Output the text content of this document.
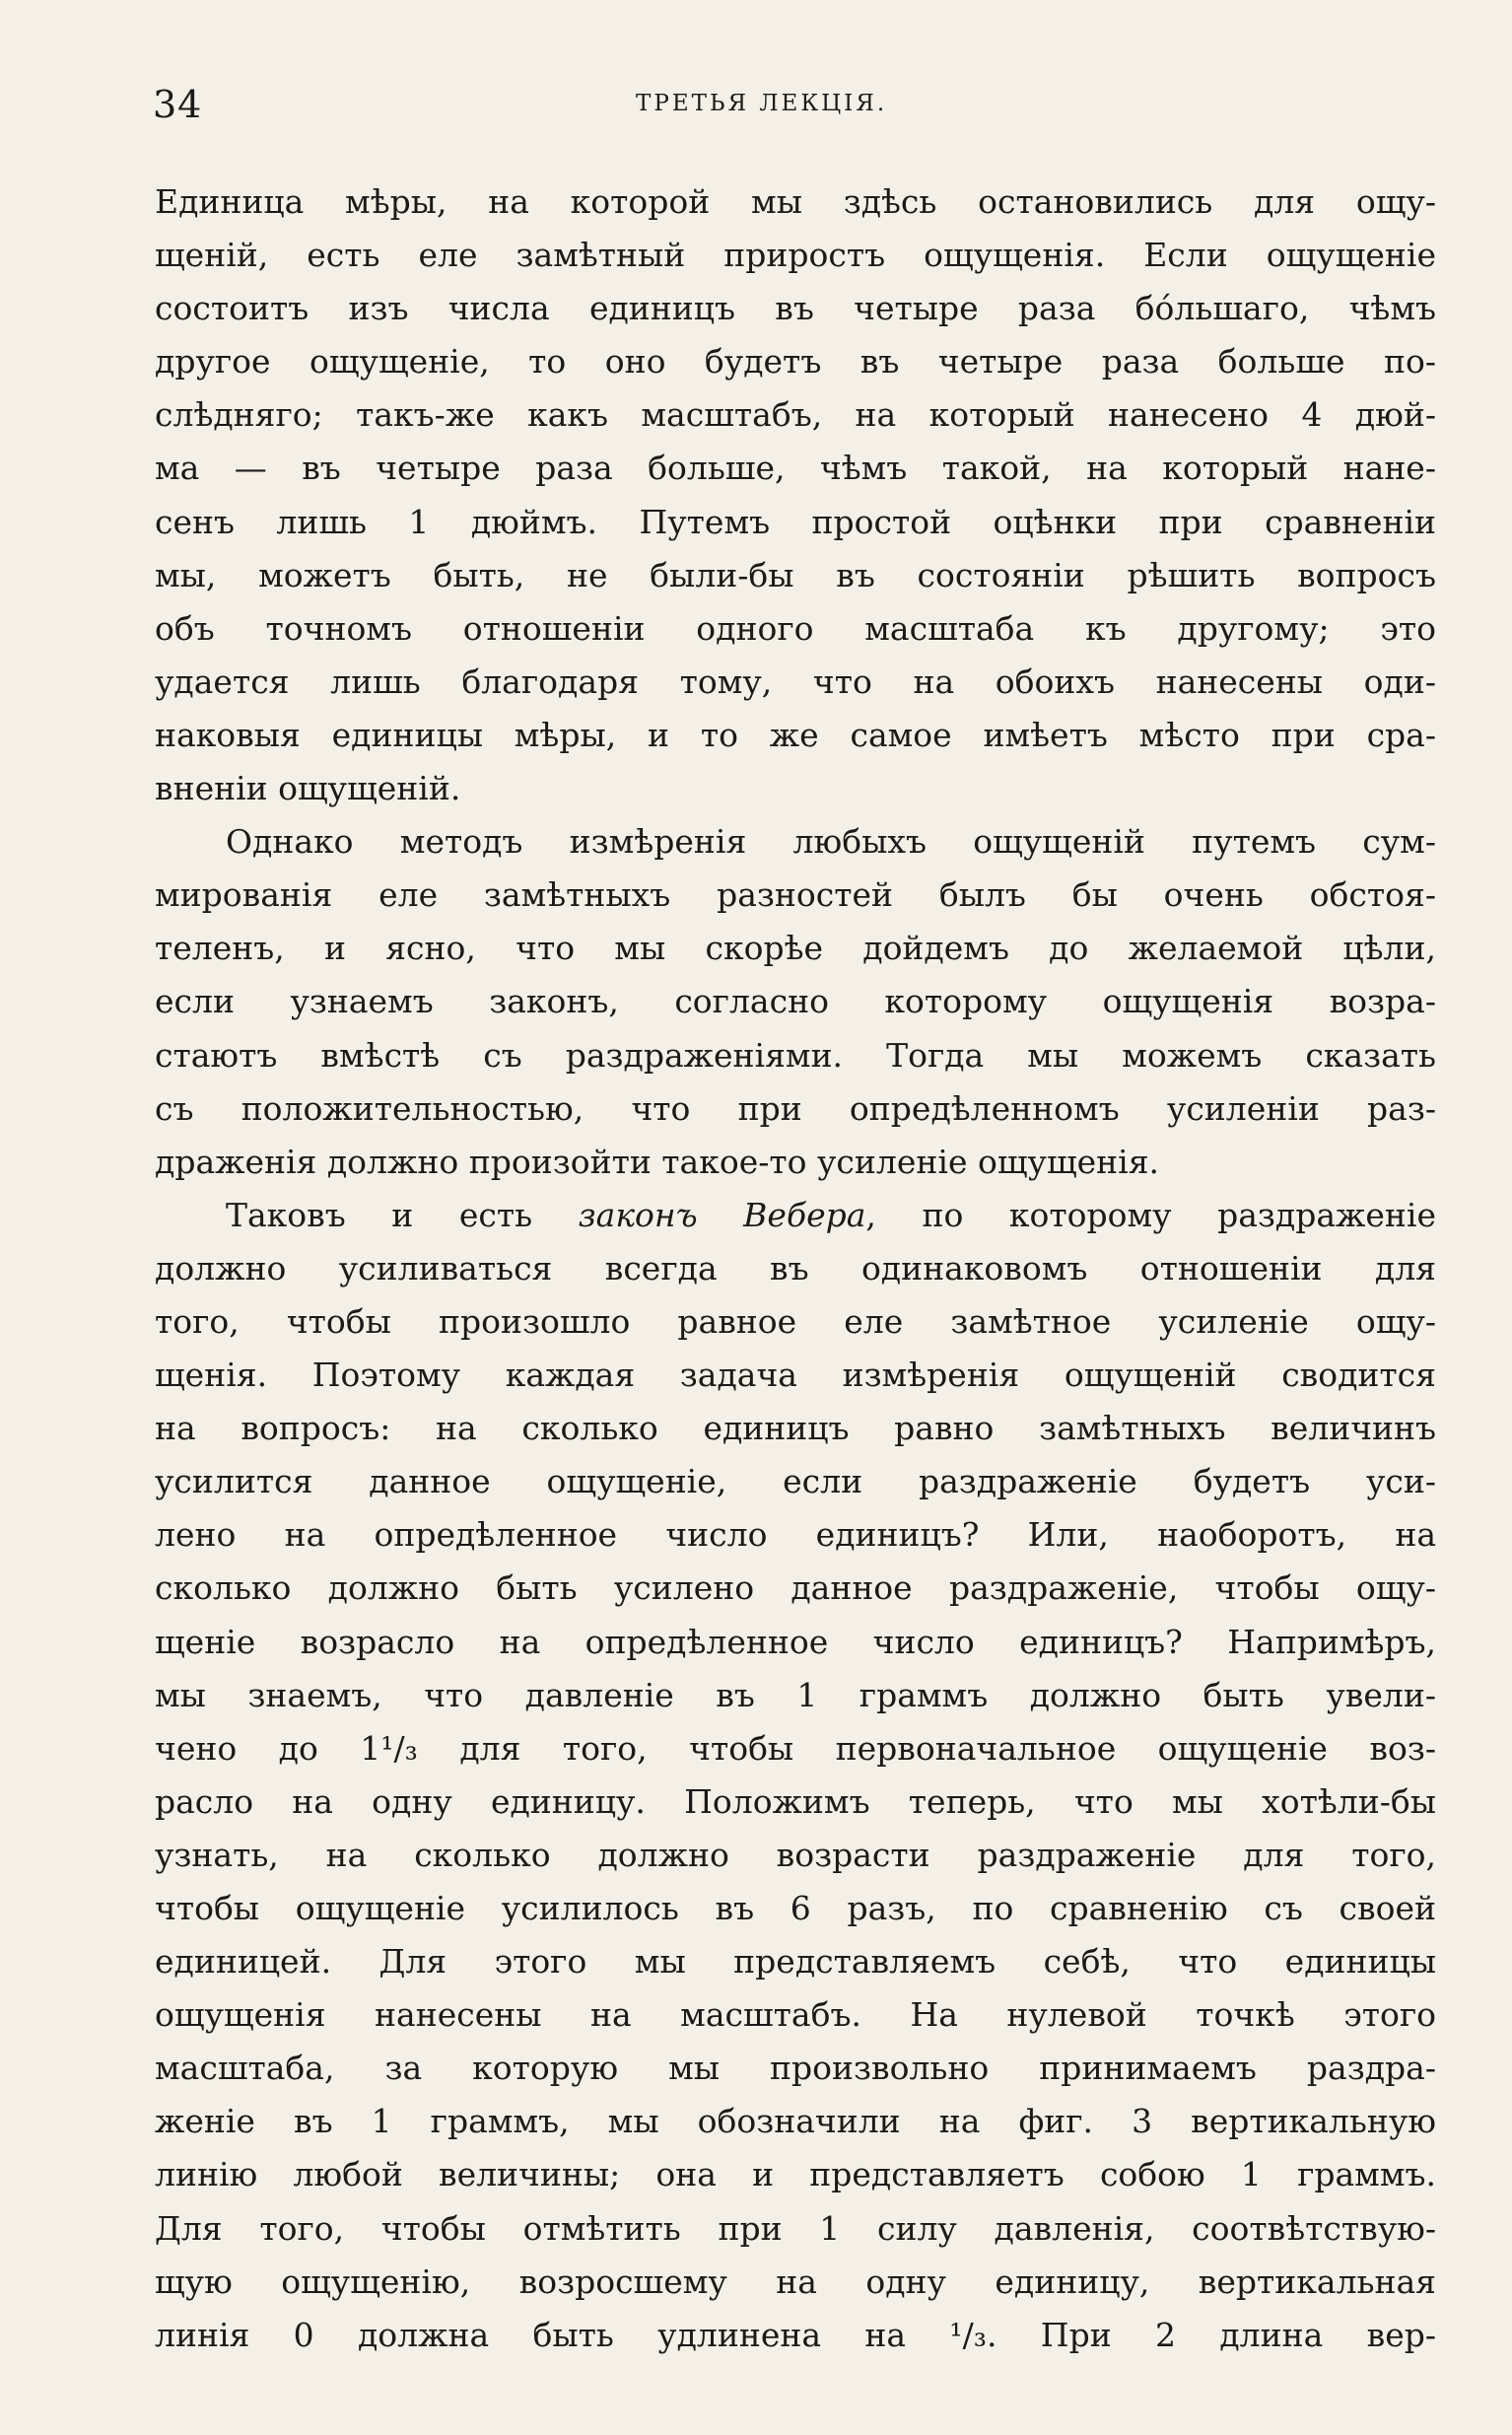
34	ТРЕТЬЯ ЛЕКЦІЯ.
Единица мѣры, на которой мы здѣсь остановились для ощу-
щеній, есть еле замѣтный приростъ ощущенія. Если ощущеніе
состоитъ изъ числа единицъ въ четыре раза бóльшаго, чѣмъ
другое ощущеніе, то оно будетъ въ четыре раза больше по-
слѣдняго; такъ-же какъ масштабъ, на который нанесено 4 дюй-
ма — въ четыре раза больше, чѣмъ такой, на который нане-
сенъ лишь 1 дюймъ. Путемъ простой оцѣнки при сравненіи
мы, можетъ быть, не были-бы въ состояніи рѣшить вопросъ
объ точномъ отношеніи одного масштаба къ другому; это
удается лишь благодаря тому, что на обоихъ нанесены оди-
наковыя единицы мѣры, и то же самое имѣетъ мѣсто при сра-
вненіи ощущеній.
Однако методъ измѣренія любыхъ ощущеній путемъ сум-
мированія еле замѣтныхъ разностей былъ бы очень обстоя-
теленъ, и ясно, что мы скорѣе дойдемъ до желаемой цѣли,
если узнаемъ законъ, согласно которому ощущенія возра-
стаютъ вмѣстѣ съ раздраженіями. Тогда мы можемъ сказать
съ положительностью, что при опредѣленномъ усиленіи раз-
драженія должно произойти такое-то усиленіе ощущенія.
Таковъ и есть законъ Вебера, по которому раздраженіе
должно усиливаться всегда въ одинаковомъ отношеніи для
того, чтобы произошло равное еле замѣтное усиленіе ощу-
щенія. Поэтому каждая задача измѣренія ощущеній сводится
на вопросъ: на сколько единицъ равно замѣтныхъ величинъ
усилится данное ощущеніе, если раздраженіе будетъ уси-
лено на опредѣленное число единицъ? Или, наоборотъ, на
сколько должно быть усилено данное раздраженіе, чтобы ощу-
щеніе возрасло на опредѣленное число единицъ? Напримѣръ,
мы знаемъ, что давленіе въ 1 граммъ должно быть увели-
чено до 1¹/₃ для того, чтобы первоначальное ощущеніе воз-
расло на одну единицу. Положимъ теперь, что мы хотѣли-бы
узнать, на сколько должно возрасти раздраженіе для того,
чтобы ощущеніе усилилось въ 6 разъ, по сравненію съ своей
единицей. Для этого мы представляемъ себѣ, что единицы
ощущенія нанесены на масштабъ. На нулевой точкѣ этого
масштаба, за которую мы произвольно принимаемъ раздра-
женіе въ 1 граммъ, мы обозначили на фиг. 3 вертикальную
линію любой величины; она и представляетъ собою 1 граммъ.
Для того, чтобы отмѣтить при 1 силу давленія, соотвѣтствую-
щую ощущенію, возросшему на одну единицу, вертикальная
линія 0 должна быть удлинена на ¹/₃. При 2 длина вер-
